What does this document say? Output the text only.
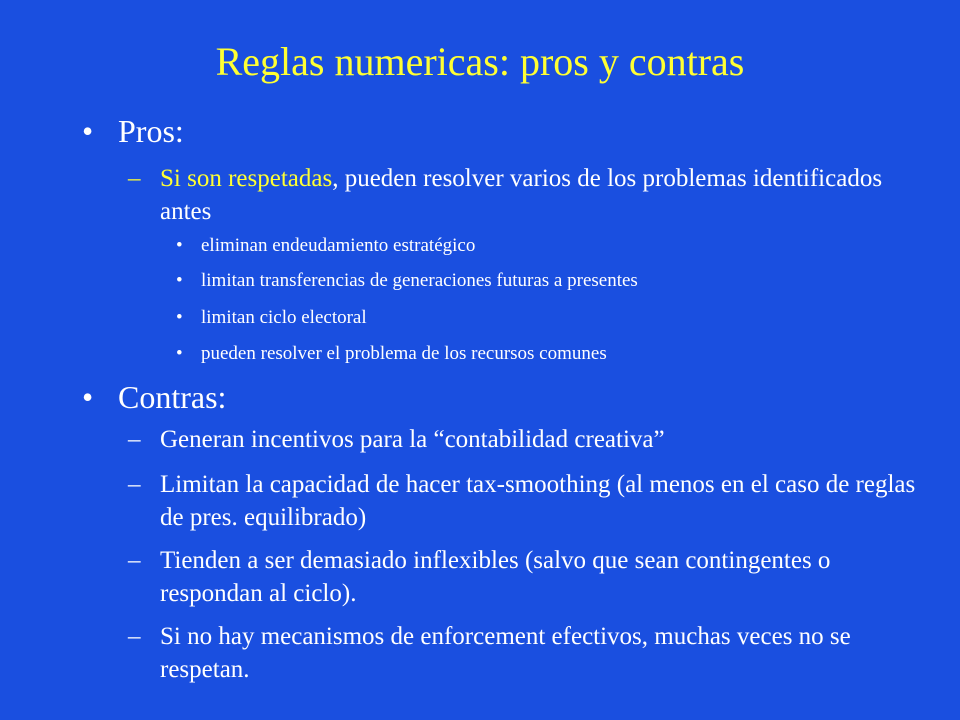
Reglas numericas: pros y contras
• Pros:
– Si son respetadas, pueden resolver varios de los problemas identificados antes
• eliminan endeudamiento estratégico
• limitan transferencias de generaciones futuras a presentes
• limitan ciclo electoral
• pueden resolver el problema de los recursos comunes
• Contras:
– Generan incentivos para la “contabilidad creativa”
– Limitan la capacidad de hacer tax-smoothing (al menos en el caso de reglas de pres. equilibrado)
– Tienden a ser demasiado inflexibles (salvo que sean contingentes o respondan al ciclo).
– Si no hay mecanismos de enforcement efectivos, muchas veces no se respetan.
